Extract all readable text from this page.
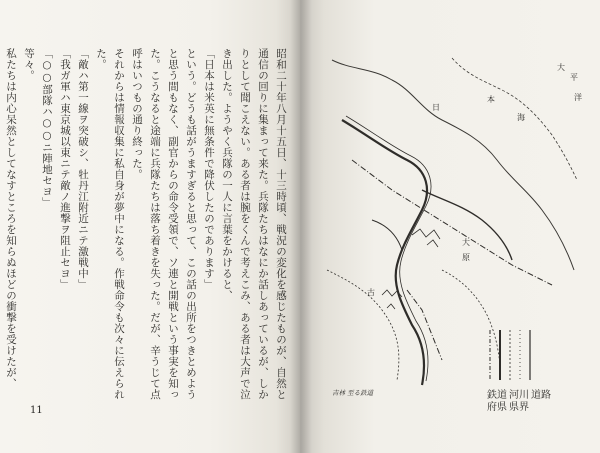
昭和二十年八月十五日、十三時頃、戦況の変化を感じたものが、自然と通信の回りに集まって来た。兵隊たちはなにか話しあっているが、しかりとして聞こえない。ある者は腕をくんで考えこみ、ある者は大声で泣き出した。ようやく兵隊の一人に言葉をかけると、

「日本は米英に無条件で降伏したのであります」

という。どうも話がうますぎると思って、この話の出所をつきとめようと思う間もなく、副官からの命令受領で、ソ連と開戦という事実を知った。こうなると途端に兵隊たちは落ち着きを失った。だが、辛うじて点呼はいつもの通り終った。

それからは情報収集に私自身が夢中になる。作戦命令も次々に伝えられた。

「敵ハ第一線ヲ突破シ、牡丹江附近ニテ激戦中」

「我ガ軍ハ東京城以東ニテ敵ノ進撃ヲ阻止セヨ」

「○○部隊ハ○○ニ陣地セヨ」

等々。

私たちは内心呆然としてなすところを知らぬほどの衝撃を受けたが、

11
日
本
海
大
平
洋
古
大
原
鉄道 河川 道路
府県 県界
吉林 至る鉄道
